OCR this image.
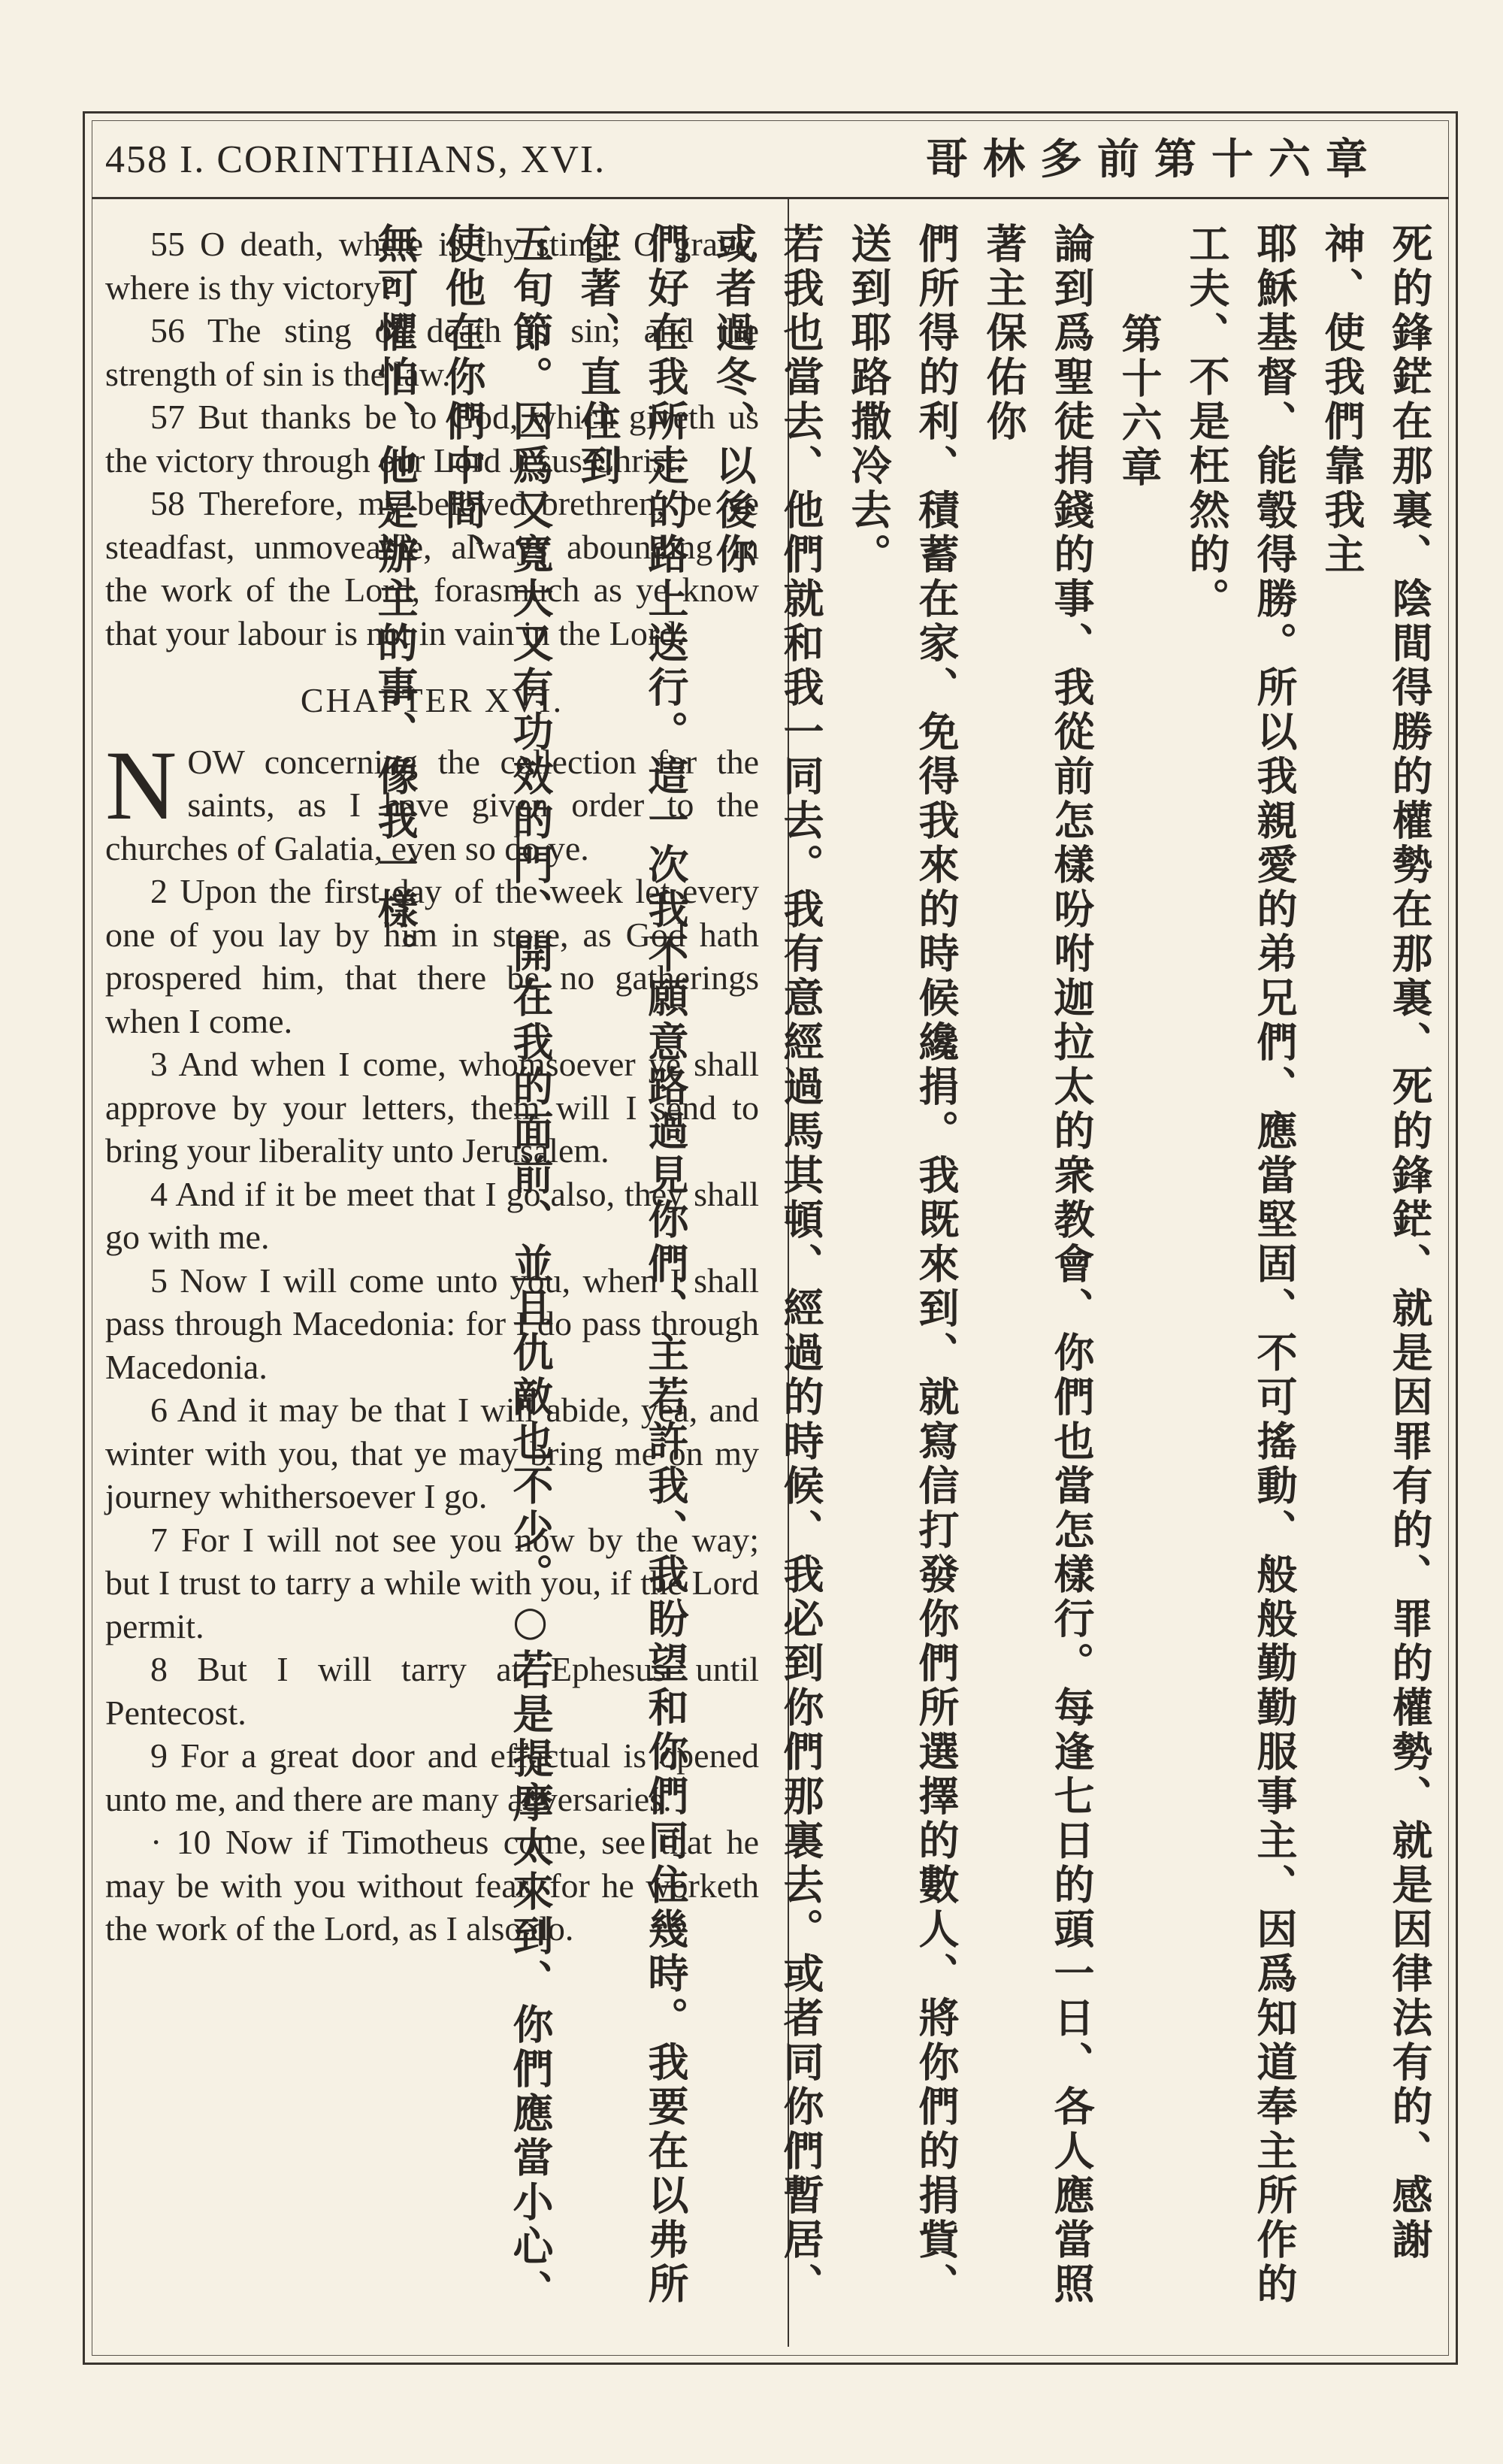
458 I. CORINTHIANS, XVI.	哥林多前第十六章

55 O death, where is thy sting? O grave, where is thy victory?

56 The sting of death is sin; and the strength of sin is the law.

57 But thanks be to God, which giveth us the victory through our Lord Jesus Christ.

58 Therefore, my beloved brethren, be ye steadfast, unmoveable, always abounding in the work of the Lord, forasmuch as ye know that your labour is not in vain in the Lord.

CHAPTER XVI.

NOW concerning the collection for the saints, as I have given order to the churches of Galatia, even so do ye.

2 Upon the first day of the week let every one of you lay by him in store, as God hath prospered him, that there be no gatherings when I come.

3 And when I come, whomsoever ye shall approve by your letters, them will I send to bring your liberality unto Jerusalem.

4 And if it be meet that I go also, they shall go with me.

5 Now I will come unto you, when I shall pass through Macedonia: for I do pass through Macedonia.

6 And it may be that I will abide, yea, and winter with you, that ye may bring me on my journey whithersoever I go.

7 For I will not see you now by the way; but I trust to tarry a while with you, if the Lord permit.

8 But I will tarry at Ephesus until Pentecost.

9 For a great door and effectual is opened unto me, and there are many adversaries.

· 10 Now if Timotheus come, see that he may be with you without fear: for he worketh the work of the Lord, as I also do.	死的鋒鋩在那裏、陰間得勝的權勢在那裏、死的鋒鋩、就是因罪有的、罪的權勢、就是因律法有的、感謝神、使我們靠我主
耶穌基督、能彀得勝。所以我親愛的弟兄們、應當堅固、不可搖動、般般勤勤服事主、因爲知道奉主所作的工夫、不是枉然的。
第十六章
論到爲聖徒捐錢的事、我從前怎樣吩咐迦拉太的衆教會、你們也當怎樣行。每逢七日的頭一日、各人應當照著主保佑你
們所得的利、積蓄在家、免得我來的時候纔捐。我既來到、就寫信打發你們所選擇的數人、將你們的捐貲、送到耶路撒冷去。
若我也當去、他們就和我一同去。我有意經過馬其頓、經過的時候、我必到你們那裏去。或者同你們暫居、或者過冬、以後你
們好在我所走的路上送行。這一次我不願意路過見你們、主若許我、我盼望和你們同住幾時。我要在以弗所住著、直住到
五旬節。因爲又寬大又有功效的門、開在我的面前、並且仇敵也不少。○若是提摩太來到、你們應當小心、使他在你們中間、
無可懼怕、他是辦主的事、像我一樣。
